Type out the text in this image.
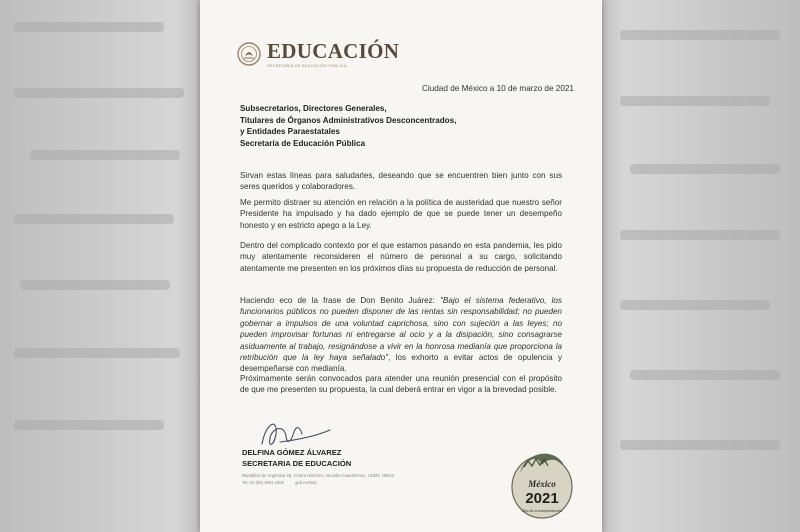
EDUCACIÓN
SECRETARÍA DE EDUCACIÓN PÚBLICA
Ciudad de México a 10 de marzo de 2021
Subsecretarios, Directores Generales,
Titulares de Órganos Administrativos Desconcentrados,
y Entidades Paraestatales
Secretaría de Educación Pública
Sirvan estas líneas para saludarles, deseando que se encuentren bien junto con sus seres queridos y colaboradores.
Me permito distraer su atención en relación a la política de austeridad que nuestro señor Presidente ha impulsado y ha dado ejemplo de que se puede tener un desempeño honesto y en estricto apego a la Ley.
Dentro del complicado contexto por el que estamos pasando en esta pandemia, les pido muy atentamente reconsideren el número de personal a su cargo, solicitando atentamente me presenten en los próximos días su propuesta de reducción de personal.
Haciendo eco de la frase de Don Benito Juárez: "Bajo el sistema federativo, los funcionarios públicos no pueden disponer de las rentas sin responsabilidad; no pueden gobernar a impulsos de una voluntad caprichosa, sino con sujeción a las leyes; no pueden improvisar fortunas ni entregarse al ocio y a la disipación, sino consagrarse asiduamente al trabajo, resignándose a vivir en la honrosa medianía que proporciona la retribución que la ley haya señalado", los exhorto a evitar actos de opulencia y desempeñarse con medianía.
Próximamente serán convocados para atender una reunión presencial con el propósito de que me presenten su propuesta, la cual deberá entrar en vigor a la brevedad posible.
DELFINA GÓMEZ ÁLVAREZ
SECRETARIA DE EDUCACIÓN
República de Argentina 28, Centro Histórico, Alcaldía Cuauhtémoc, CDMX. 06010
Tel. 01 (55) 3601 1000	gob.mx/sep	México
2021
Año de la Independencia
